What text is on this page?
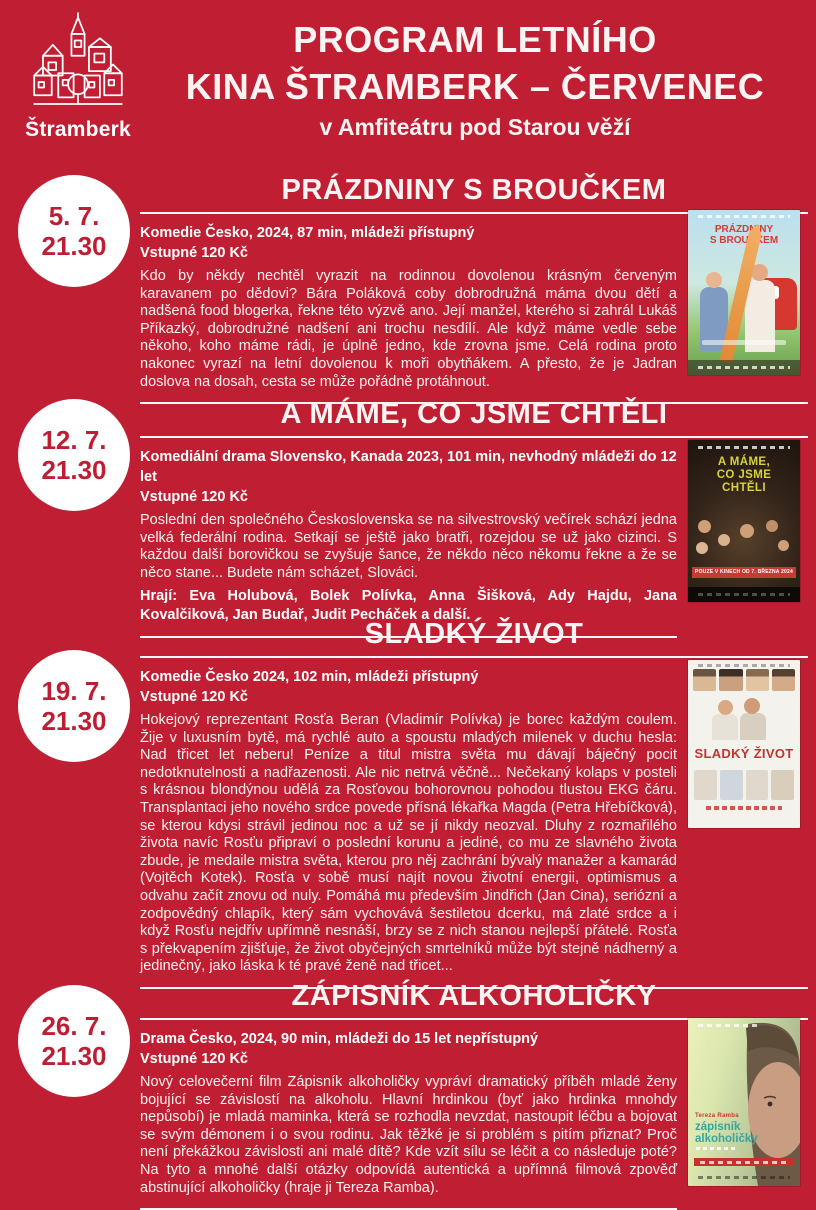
Štramberk
PROGRAM LETNÍHO
KINA ŠTRAMBERK – ČERVENEC
v Amfiteátru pod Starou věží
5. 7.
21.30
12. 7.
21.30
19. 7.
21.30
26. 7.
21.30
PRÁZDNINY S BROUČKEM

Komedie Česko, 2024, 87 min, mládeži přístupný

Vstupné 120 Kč

Kdo by někdy nechtěl vyrazit na rodinnou dovolenou krásným červeným karavanem po dědovi? Bára Poláková coby dobrodružná máma dvou dětí a nadšená food blogerka, řekne této výzvě ano. Její manžel, kterého si zahrál Lukáš Příkazký, dobrodružné nadšení ani trochu nesdílí. Ale když máme vedle sebe někoho, koho máme rádi, je úplně jedno, kde zrovna jsme. Celá rodina proto nakonec vyrazí na letní dovolenou k moři obytňákem. A přesto, že je Jadran doslova na dosah, cesta se může pořádně protáhnout.

A MÁME, CO JSME CHTĚLI

Komediální drama Slovensko, Kanada 2023, 101 min, nevhodný mládeži do 12 let

Vstupné 120 Kč

Poslední den společného Československa se na silvestrovský večírek schází jedna velká federální rodina. Setkají se ještě jako bratři, rozejdou se už jako cizinci. S každou další borovičkou se zvyšuje šance, že někdo něco někomu řekne a že se něco stane... Budete nám scházet, Slováci.

Hrají: Eva Holubová, Bolek Polívka, Anna Šišková, Ady Hajdu, Jana Kovalčiková, Jan Budař, Judit Pecháček a další.

SLADKÝ ŽIVOT

Komedie Česko 2024, 102 min, mládeži přístupný

Vstupné 120 Kč

Hokejový reprezentant Rosťa Beran (Vladimír Polívka) je borec každým coulem. Žije v luxusním bytě, má rychlé auto a spoustu mladých milenek v duchu hesla: Nad třicet let neberu! Peníze a titul mistra světa mu dávají báječný pocit nedotknutelnosti a nadřazenosti. Ale nic netrvá věčně... Nečekaný kolaps v posteli s krásnou blondýnou udělá za Rosťovou bohorovnou pohodou tlustou EKG čáru. Transplantaci jeho nového srdce povede přísná lékařka Magda (Petra Hřebíčková), se kterou kdysi strávil jedinou noc a už se jí nikdy neozval. Dluhy z rozmařilého života navíc Rosťu připraví o poslední korunu a jediné, co mu ze slavného života zbude, je medaile mistra světa, kterou pro něj zachrání bývalý manažer a kamarád (Vojtěch Kotek). Rosťa v sobě musí najít novou životní energii, optimismus a odvahu začít znovu od nuly. Pomáhá mu především Jindřich (Jan Cina), seriózní a zodpovědný chlapík, který sám vychovává šestiletou dcerku, má zlaté srdce a i když Rosťu nejdřív upřímně nesnáší, brzy se z nich stanou nejlepší přátelé. Rosťa s překvapením zjišťuje, že život obyčejných smrtelníků může být stejně nádherný a jedinečný, jako láska k té pravé ženě nad třicet...

ZÁPISNÍK ALKOHOLIČKY

Drama Česko, 2024, 90 min, mládeži do 15 let nepřístupný

Vstupné 120 Kč

Nový celovečerní film Zápisník alkoholičky vypráví dramatický příběh mladé ženy bojující se závislostí na alkoholu. Hlavní hrdinkou (byť jako hrdinka mnohdy nepůsobí) je mladá maminka, která se rozhodla nevzdat, nastoupit léčbu a bojovat se svým démonem i o svou rodinu. Jak těžké je si problém s pitím přiznat? Proč není překážkou závislosti ani malé dítě? Kde vzít sílu se léčit a co následuje poté? Na tyto a mnohé další otázky odpovídá autentická a upřímná filmová zpověď abstinující alkoholičky (hraje ji Tereza Ramba).

PRÁZDNINY
S BROUČKEM
A MÁME,
CO JSME
CHTĚLI
POUZE V KINECH OD 7. BŘEZNA 2024
SLADKÝ ŽIVOT
Tereza Ramba
zápisník
alkoholičky
